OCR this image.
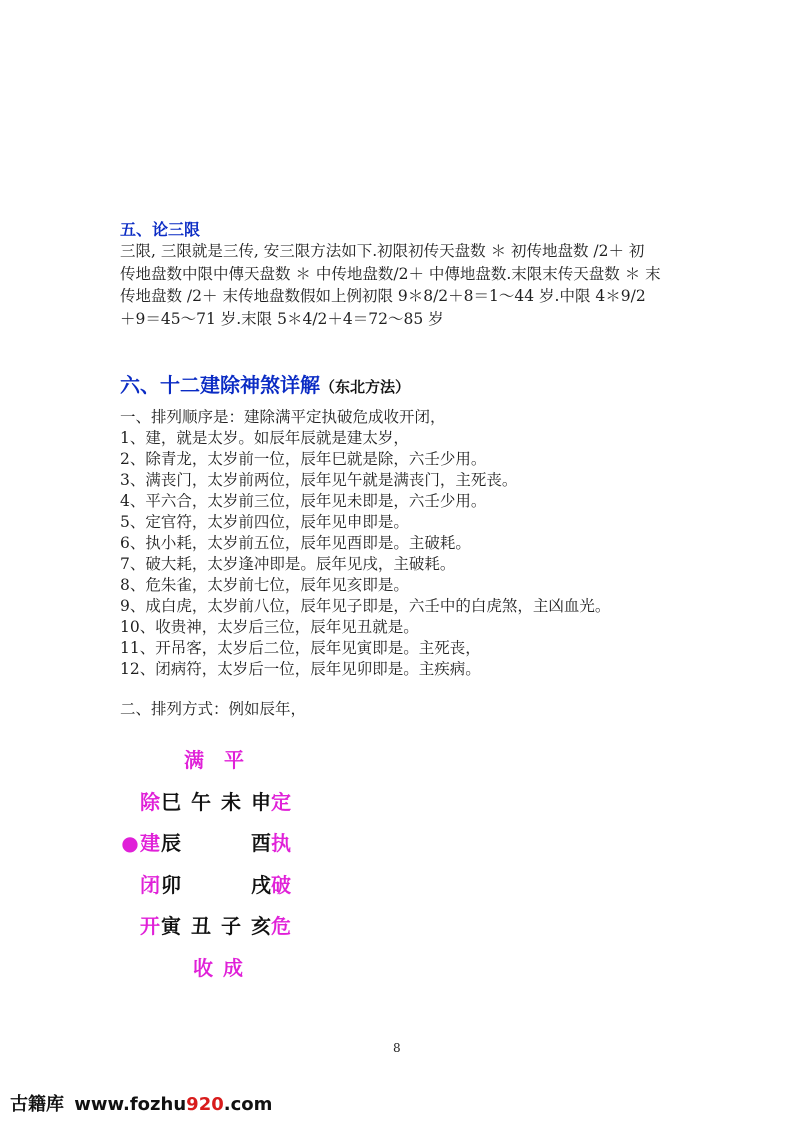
五、论三限
三限, 三限就是三传, 安三限方法如下.初限初传天盘数 ＊ 初传地盘数 /2＋ 初
传地盘数中限中傳天盘数 ＊ 中传地盘数/2＋ 中傳地盘数.末限末传天盘数 ＊ 末
传地盘数 /2＋ 末传地盘数假如上例初限 9＊8/2＋8＝1～44 岁.中限 4＊9/2
＋9＝45～71 岁.末限 5＊4/2＋4＝72～85 岁
六、十二建除神煞详解（东北方法）
一、排列顺序是：建除满平定执破危成收开闭，
1、建，就是太岁。如辰年辰就是建太岁，
2、除青龙，太岁前一位，辰年巳就是除，六壬少用。
3、满丧门，太岁前两位，辰年见午就是满丧门，主死丧。
4、平六合，太岁前三位，辰年见未即是，六壬少用。
5、定官符，太岁前四位，辰年见申即是。
6、执小耗，太岁前五位，辰年见酉即是。主破耗。
7、破大耗，太岁逢冲即是。辰年见戌，主破耗。
8、危朱雀，太岁前七位，辰年见亥即是。
9、成白虎，太岁前八位，辰年见子即是，六壬中的白虎煞，主凶血光。
10、收贵神，太岁后三位，辰年见丑就是。
11、开吊客，太岁后二位，辰年见寅即是。主死丧，
12、闭病符，太岁后一位，辰年见卯即是。主疾病。
二、排列方式：例如辰年，
满 平
除 巳 午 未 申 定
● 建 辰	酉 执
闭 卯	戌 破
开 寅 丑 子 亥 危
收 成
8
古籍库 www.fozhu920.com
